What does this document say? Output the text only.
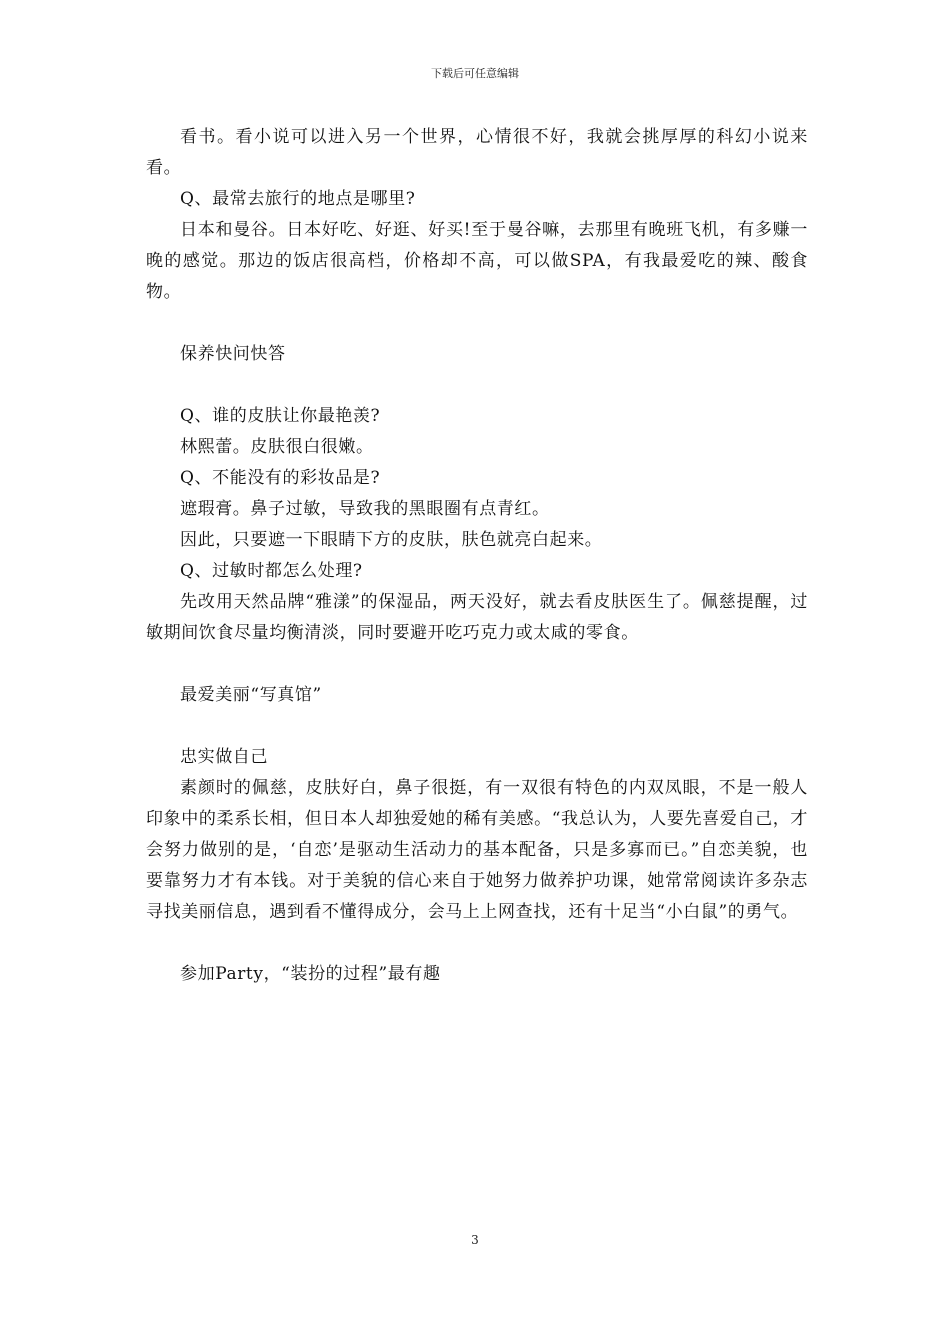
下载后可任意编辑

看书。看小说可以进入另一个世界，心情很不好，我就会挑厚厚的科幻小说来看。

Q、最常去旅行的地点是哪里?

日本和曼谷。日本好吃、好逛、好买!至于曼谷嘛，去那里有晚班飞机，有多赚一晚的感觉。那边的饭店很高档，价格却不高，可以做SPA，有我最爱吃的辣、酸食物。

保养快问快答

Q、谁的皮肤让你最艳羡?

林熙蕾。皮肤很白很嫩。

Q、不能没有的彩妆品是?

遮瑕膏。鼻子过敏，导致我的黑眼圈有点青红。

因此，只要遮一下眼睛下方的皮肤，肤色就亮白起来。

Q、过敏时都怎么处理?

先改用天然品牌“雅漾”的保湿品，两天没好，就去看皮肤医生了。佩慈提醒，过敏期间饮食尽量均衡清淡，同时要避开吃巧克力或太咸的零食。

最爱美丽“写真馆”

忠实做自己

素颜时的佩慈，皮肤好白，鼻子很挺，有一双很有特色的内双凤眼，不是一般人印象中的柔系长相，但日本人却独爱她的稀有美感。“我总认为，人要先喜爱自己，才会努力做别的是，‘自恋’是驱动生活动力的基本配备，只是多寡而已。”自恋美貌，也要靠努力才有本钱。对于美貌的信心来自于她努力做养护功课，她常常阅读许多杂志寻找美丽信息，遇到看不懂得成分，会马上上网查找，还有十足当“小白鼠”的勇气。

参加Party，“装扮的过程”最有趣

3
